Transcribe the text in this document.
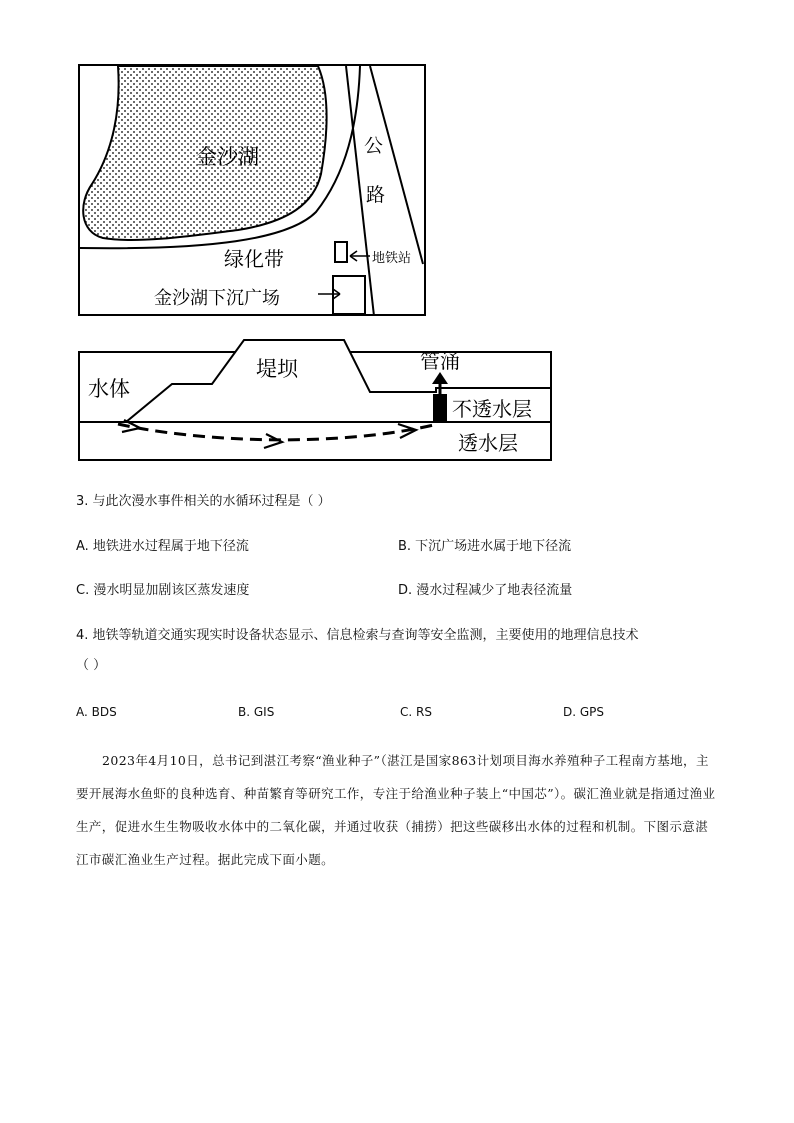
金沙湖	公
路
绿化带	地铁站
金沙湖下沉广场
水体
堤坝	管涌
不透水层
透水层
3. 与此次漫水事件相关的水循环过程是（ ）
A. 地铁进水过程属于地下径流	B. 下沉广场进水属于地下径流
C. 漫水明显加剧该区蒸发速度	D. 漫水过程减少了地表径流量
4. 地铁等轨道交通实现实时设备状态显示、信息检索与查询等安全监测，主要使用的地理信息技术
（ ）
A. BDS	B. GIS	C. RS	D. GPS
2023年4月10日，总书记到湛江考察“渔业种子”（湛江是国家863计划项目海水养殖种子工程南方基地，主要开展海水鱼虾的良种选育、种苗繁育等研究工作，专注于给渔业种子装上“中国芯”）。碳汇渔业就是指通过渔业生产，促进水生生物吸收水体中的二氧化碳，并通过收获（捕捞）把这些碳移出水体的过程和机制。下图示意湛江市碳汇渔业生产过程。据此完成下面小题。
